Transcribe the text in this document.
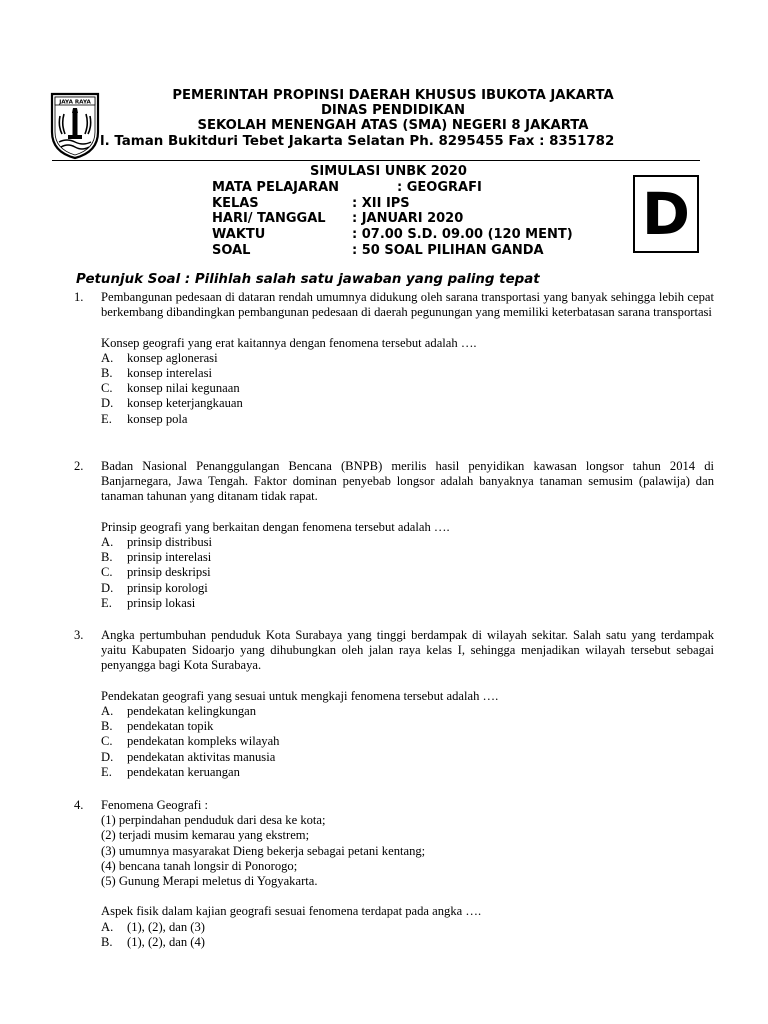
JAYA RAYA	PEMERINTAH PROPINSI DAERAH KHUSUS IBUKOTA JAKARTA
DINAS PENDIDIKAN
SEKOLAH MENENGAH ATAS (SMA) NEGERI 8 JAKARTA
l. Taman Bukitduri Tebet Jakarta Selatan Ph. 8295455 Fax : 8351782
SIMULASI UNBK 2020
MATA PELAJARAN	: GEOGRAFI
KELAS	: XII IPS
HARI/ TANGGAL : JANUARI 2020
WAKTU	: 07.00 S.D. 09.00 (120 MENT)
SOAL	: 50 SOAL PILIHAN GANDA
D
Petunjuk Soal : Pilihlah salah satu jawaban yang paling tepat
1. Pembangunan pedesaan di dataran rendah umumnya didukung oleh sarana transportasi yang banyak sehingga lebih cepat berkembang dibandingkan pembangunan pedesaan di daerah pegunungan yang memiliki keterbatasan sarana transportasi

Konsep geografi yang erat kaitannya dengan fenomena tersebut adalah ….

A. konsep aglonerasi
B. konsep interelasi
C. konsep nilai kegunaan
D. konsep keterjangkauan
E. konsep pola
2. Badan Nasional Penanggulangan Bencana (BNPB) merilis hasil penyidikan kawasan longsor tahun 2014 di Banjarnegara, Jawa Tengah. Faktor dominan penyebab longsor adalah banyaknya tanaman semusim (palawija) dan tanaman tahunan yang ditanam tidak rapat.

Prinsip geografi yang berkaitan dengan fenomena tersebut adalah ….

A. prinsip distribusi
B. prinsip interelasi
C. prinsip deskripsi
D. prinsip korologi
E. prinsip lokasi
3. Angka pertumbuhan penduduk Kota Surabaya yang tinggi berdampak di wilayah sekitar. Salah satu yang terdampak yaitu Kabupaten Sidoarjo yang dihubungkan oleh jalan raya kelas I, sehingga menjadikan wilayah tersebut sebagai penyangga bagi Kota Surabaya.

Pendekatan geografi yang sesuai untuk mengkaji fenomena tersebut adalah ….

A. pendekatan kelingkungan
B. pendekatan topik
C. pendekatan kompleks wilayah
D. pendekatan aktivitas manusia
E. pendekatan keruangan
4. Fenomena Geografi :

(1) perpindahan penduduk dari desa ke kota;

(2) terjadi musim kemarau yang ekstrem;

(3) umumnya masyarakat Dieng bekerja sebagai petani kentang;

(4) bencana tanah longsir di Ponorogo;

(5) Gunung Merapi meletus di Yogyakarta.

Aspek fisik dalam kajian geografi sesuai fenomena terdapat pada angka ….

A. (1), (2), dan (3)
B. (1), (2), dan (4)
